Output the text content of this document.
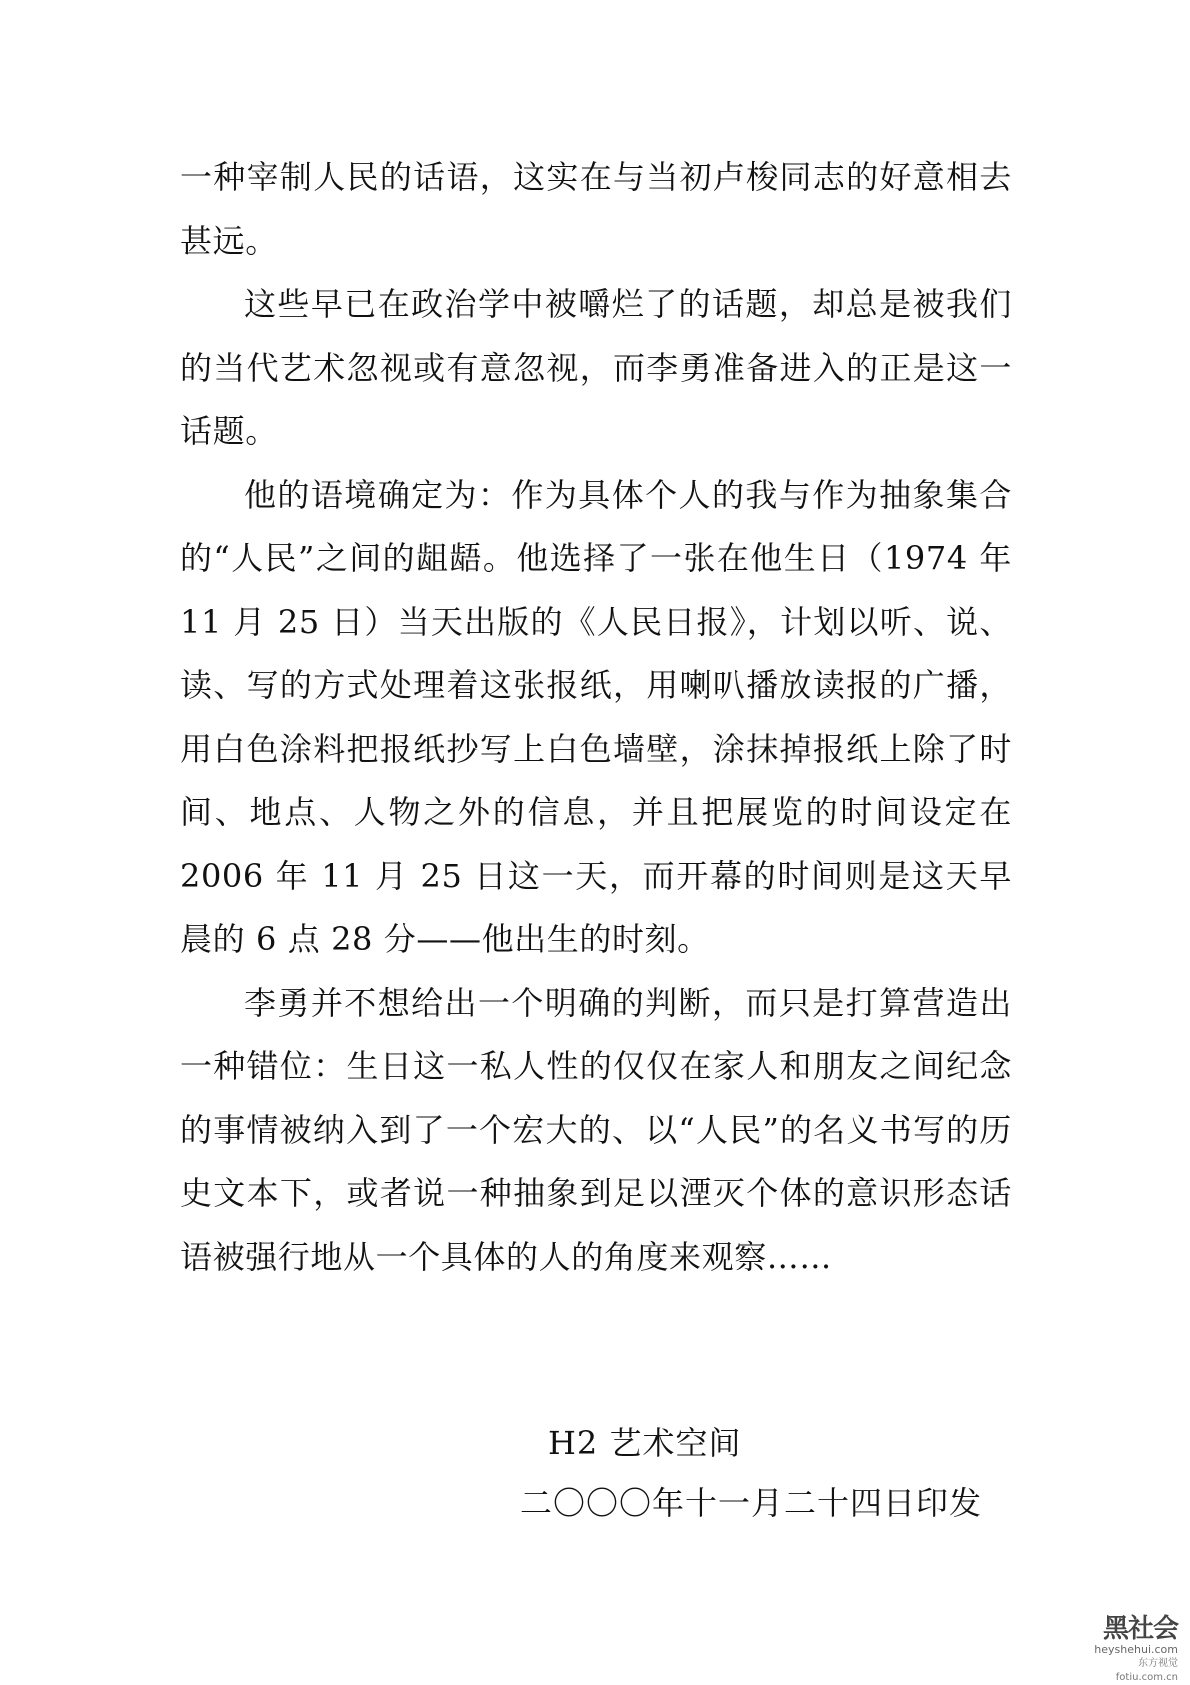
一种宰制人民的话语，这实在与当初卢梭同志的好意相去甚远。

这些早已在政治学中被嚼烂了的话题，却总是被我们的当代艺术忽视或有意忽视，而李勇准备进入的正是这一话题。

他的语境确定为：作为具体个人的我与作为抽象集合的“人民”之间的龃龉。他选择了一张在他生日（1974 年 11 月 25 日）当天出版的《人民日报》，计划以听、说、读、写的方式处理着这张报纸，用喇叭播放读报的广播，用白色涂料把报纸抄写上白色墙壁，涂抹掉报纸上除了时间、地点、人物之外的信息，并且把展览的时间设定在 2006 年 11 月 25 日这一天，而开幕的时间则是这天早晨的 6 点 28 分——他出生的时刻。

李勇并不想给出一个明确的判断，而只是打算营造出一种错位：生日这一私人性的仅仅在家人和朋友之间纪念的事情被纳入到了一个宏大的、以“人民”的名义书写的历史文本下，或者说一种抽象到足以湮灭个体的意识形态话语被强行地从一个具体的人的角度来观察……

H2 艺术空间
二〇〇〇年十一月二十四日印发
黑社会
heyshehui.com
东方视觉 fotiu.com.cn
